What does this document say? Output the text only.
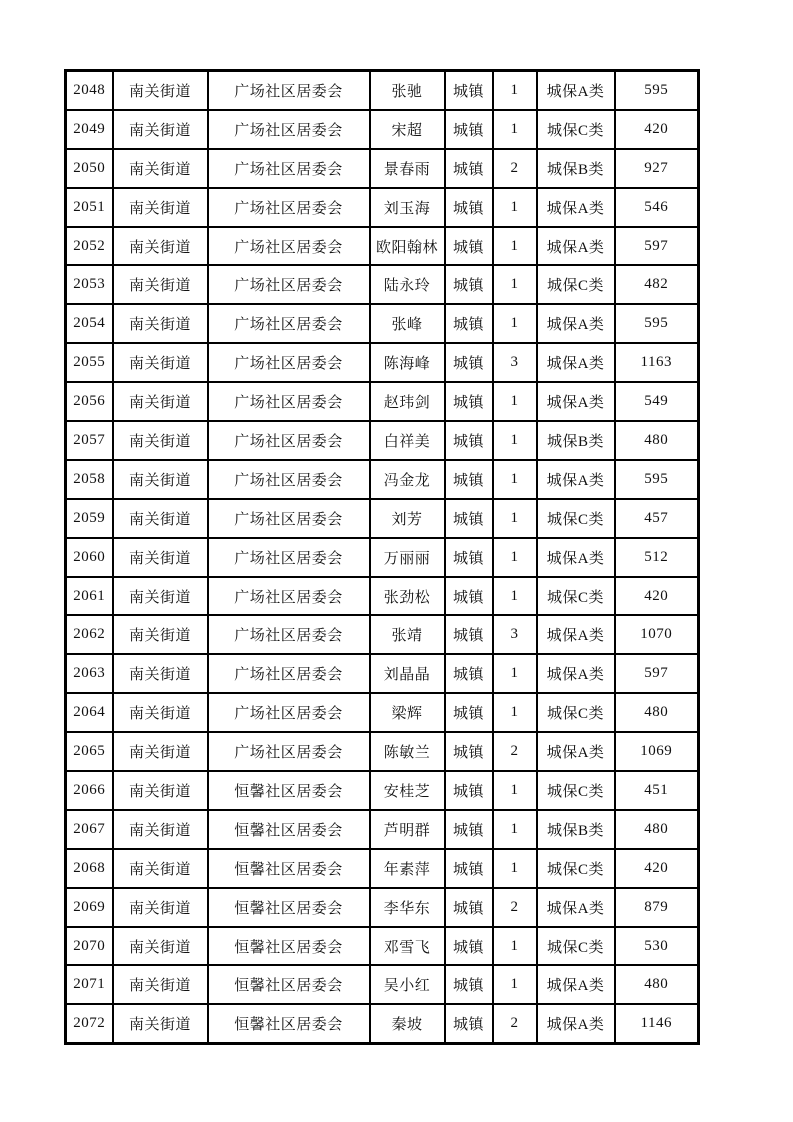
2048	南关街道	广场社区居委会	张驰	城镇	1	城保A类	595
2049	南关街道	广场社区居委会	宋超	城镇	1	城保C类	420
2050	南关街道	广场社区居委会	景春雨	城镇	2	城保B类	927
2051	南关街道	广场社区居委会	刘玉海	城镇	1	城保A类	546
2052	南关街道	广场社区居委会	欧阳翰林	城镇	1	城保A类	597
2053	南关街道	广场社区居委会	陆永玲	城镇	1	城保C类	482
2054	南关街道	广场社区居委会	张峰	城镇	1	城保A类	595
2055	南关街道	广场社区居委会	陈海峰	城镇	3	城保A类	1163
2056	南关街道	广场社区居委会	赵玮剑	城镇	1	城保A类	549
2057	南关街道	广场社区居委会	白祥美	城镇	1	城保B类	480
2058	南关街道	广场社区居委会	冯金龙	城镇	1	城保A类	595
2059	南关街道	广场社区居委会	刘芳	城镇	1	城保C类	457
2060	南关街道	广场社区居委会	万丽丽	城镇	1	城保A类	512
2061	南关街道	广场社区居委会	张劲松	城镇	1	城保C类	420
2062	南关街道	广场社区居委会	张靖	城镇	3	城保A类	1070
2063	南关街道	广场社区居委会	刘晶晶	城镇	1	城保A类	597
2064	南关街道	广场社区居委会	梁辉	城镇	1	城保C类	480
2065	南关街道	广场社区居委会	陈敏兰	城镇	2	城保A类	1069
2066	南关街道	恒馨社区居委会	安桂芝	城镇	1	城保C类	451
2067	南关街道	恒馨社区居委会	芦明群	城镇	1	城保B类	480
2068	南关街道	恒馨社区居委会	年素萍	城镇	1	城保C类	420
2069	南关街道	恒馨社区居委会	李华东	城镇	2	城保A类	879
2070	南关街道	恒馨社区居委会	邓雪飞	城镇	1	城保C类	530
2071	南关街道	恒馨社区居委会	吴小红	城镇	1	城保A类	480
2072	南关街道	恒馨社区居委会	秦坡	城镇	2	城保A类	1146
